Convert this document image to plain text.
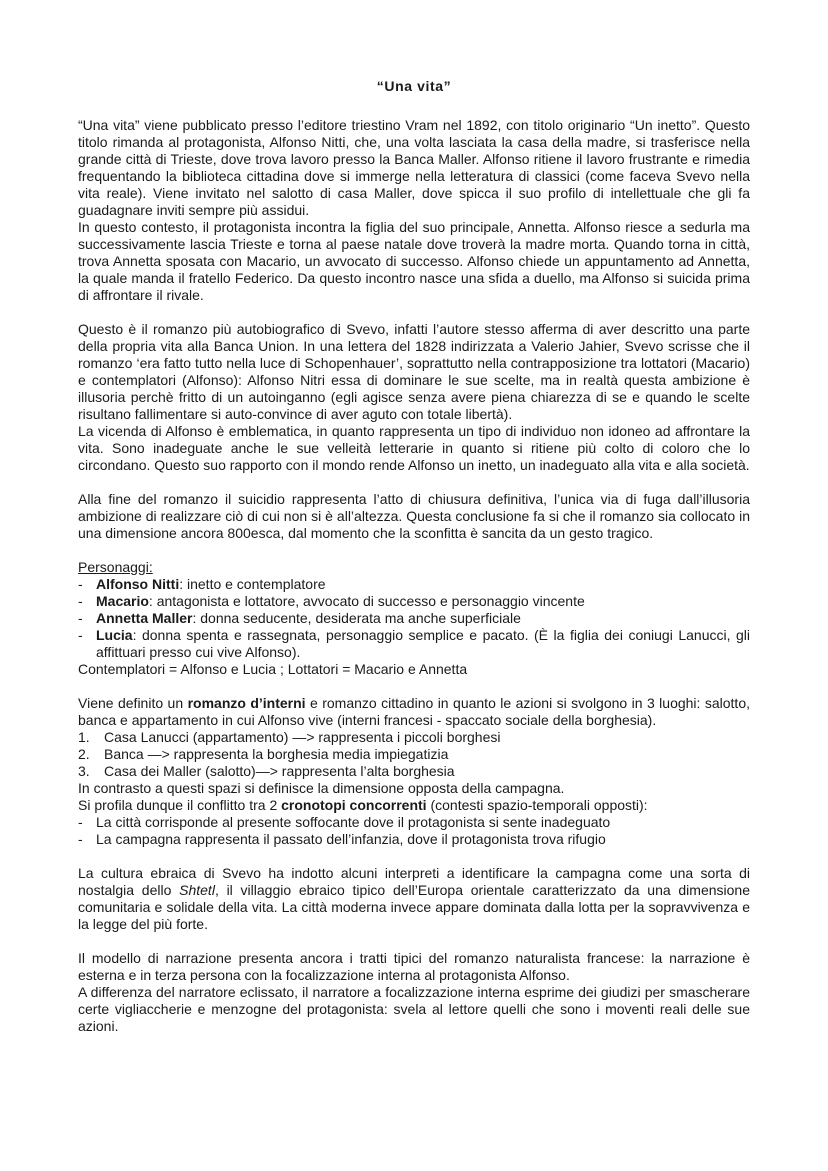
“Una vita”

“Una vita” viene pubblicato presso l’editore triestino Vram nel 1892, con titolo originario “Un inetto”. Questo titolo rimanda al protagonista, Alfonso Nitti, che, una volta lasciata la casa della madre, si trasferisce nella grande città di Trieste, dove trova lavoro presso la Banca Maller. Alfonso ritiene il lavoro frustrante e rimedia frequentando la biblioteca cittadina dove si immerge nella letteratura di classici (come faceva Svevo nella vita reale). Viene invitato nel salotto di casa Maller, dove spicca il suo profilo di intellettuale che gli fa guadagnare inviti sempre più assidui.

In questo contesto, il protagonista incontra la figlia del suo principale, Annetta. Alfonso riesce a sedurla ma successivamente lascia Trieste e torna al paese natale dove troverà la madre morta. Quando torna in città, trova Annetta sposata con Macario, un avvocato di successo. Alfonso chiede un appuntamento ad Annetta, la quale manda il fratello Federico. Da questo incontro nasce una sfida a duello, ma Alfonso si suicida prima di affrontare il rivale.

Questo è il romanzo più autobiografico di Svevo, infatti l’autore stesso afferma di aver descritto una parte della propria vita alla Banca Union. In una lettera del 1828 indirizzata a Valerio Jahier, Svevo scrisse che il romanzo ‘era fatto tutto nella luce di Schopenhauer’, soprattutto nella contrapposizione tra lottatori (Macario) e contemplatori (Alfonso): Alfonso Nitri essa di dominare le sue scelte, ma in realtà questa ambizione è illusoria perchè fritto di un autoinganno (egli agisce senza avere piena chiarezza di se e quando le scelte risultano fallimentare si auto-convince di aver aguto con totale libertà).

La vicenda di Alfonso è emblematica, in quanto rappresenta un tipo di individuo non idoneo ad affrontare la vita. Sono inadeguate anche le sue velleità letterarie in quanto si ritiene più colto di coloro che lo circondano. Questo suo rapporto con il mondo rende Alfonso un inetto, un inadeguato alla vita e alla società.

Alla fine del romanzo il suicidio rappresenta l’atto di chiusura definitiva, l’unica via di fuga dall’illusoria ambizione di realizzare ciò di cui non si è all’altezza. Questa conclusione fa si che il romanzo sia collocato in una dimensione ancora 800esca, dal momento che la sconfitta è sancita da un gesto tragico.

Personaggi:

- Alfonso Nitti: inetto e contemplatore
- Macario: antagonista e lottatore, avvocato di successo e personaggio vincente
- Annetta Maller: donna seducente, desiderata ma anche superficiale
- Lucia: donna spenta e rassegnata, personaggio semplice e pacato. (È la figlia dei coniugi Lanucci, gli affittuari presso cui vive Alfonso).

Contemplatori = Alfonso e Lucia ; Lottatori = Macario e Annetta

Viene definito un romanzo d’interni e romanzo cittadino in quanto le azioni si svolgono in 3 luoghi: salotto, banca e appartamento in cui Alfonso vive (interni francesi - spaccato sociale della borghesia).

1. Casa Lanucci (appartamento) —> rappresenta i piccoli borghesi
2. Banca —> rappresenta la borghesia media impiegatizia
3. Casa dei Maller (salotto)—> rappresenta l’alta borghesia

In contrasto a questi spazi si definisce la dimensione opposta della campagna.

Si profila dunque il conflitto tra 2 cronotopi concorrenti (contesti spazio-temporali opposti):

- La città corrisponde al presente soffocante dove il protagonista si sente inadeguato
- La campagna rappresenta il passato dell’infanzia, dove il protagonista trova rifugio

La cultura ebraica di Svevo ha indotto alcuni interpreti a identificare la campagna come una sorta di nostalgia dello Shtetl, il villaggio ebraico tipico dell’Europa orientale caratterizzato da una dimensione comunitaria e solidale della vita. La città moderna invece appare dominata dalla lotta per la sopravvivenza e la legge del più forte.

Il modello di narrazione presenta ancora i tratti tipici del romanzo naturalista francese: la narrazione è esterna e in terza persona con la focalizzazione interna al protagonista Alfonso.

A differenza del narratore eclissato, il narratore a focalizzazione interna esprime dei giudizi per smascherare certe vigliaccherie e menzogne del protagonista: svela al lettore quelli che sono i moventi reali delle sue azioni.
